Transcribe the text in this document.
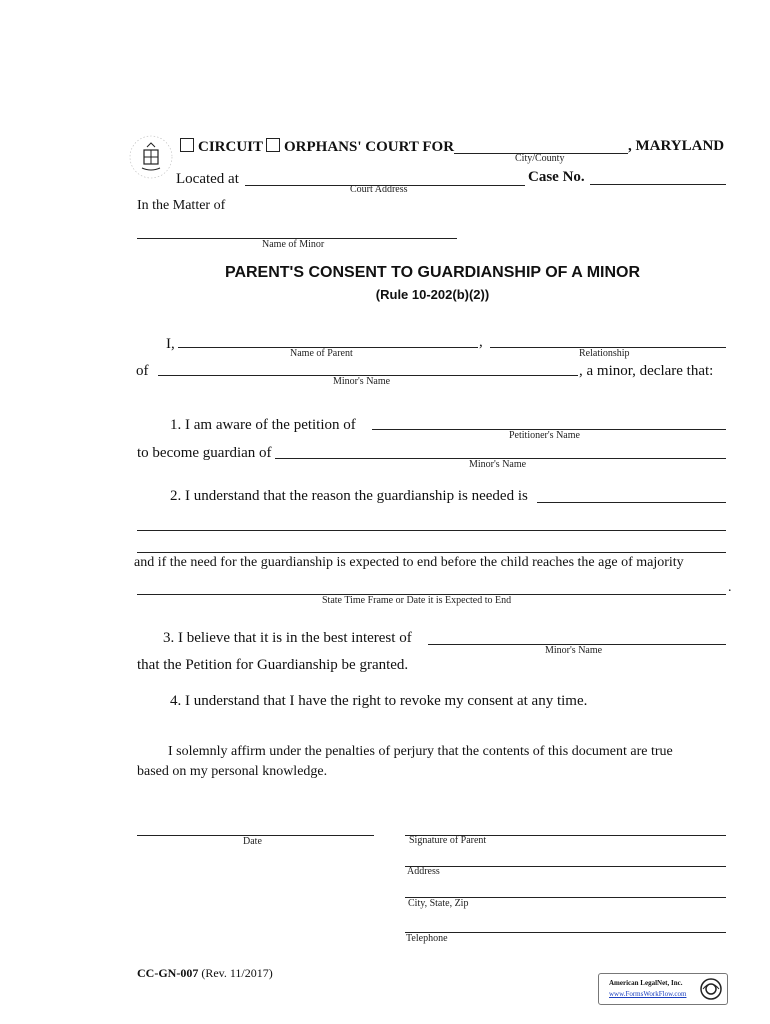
CIRCUIT	ORPHANS' COURT FOR
City/County
, MARYLAND
Located at
Court Address
Case No.
In the Matter of
Name of Minor
PARENT'S CONSENT TO GUARDIANSHIP OF A MINOR
(Rule 10-202(b)(2))
I,	,
Name of Parent	Relationship
of
Minor's Name
, a minor, declare that:
1. I am aware of the petition of
Petitioner's Name
to become guardian of
Minor's Name
2. I understand that the reason the guardianship is needed is
and if the need for the guardianship is expected to end before the child reaches the age of majority
.
State Time Frame or Date it is Expected to End
3. I believe that it is in the best interest of
Minor's Name
that the Petition for Guardianship be granted.
4. I understand that I have the right to revoke my consent at any time.
I solemnly affirm under the penalties of perjury that the contents of this document are true
based on my personal knowledge.
Date	Signature of Parent
Address
City, State, Zip
Telephone
CC-GN-007 (Rev. 11/2017)
American LegalNet, Inc.
www.FormsWorkFlow.com
